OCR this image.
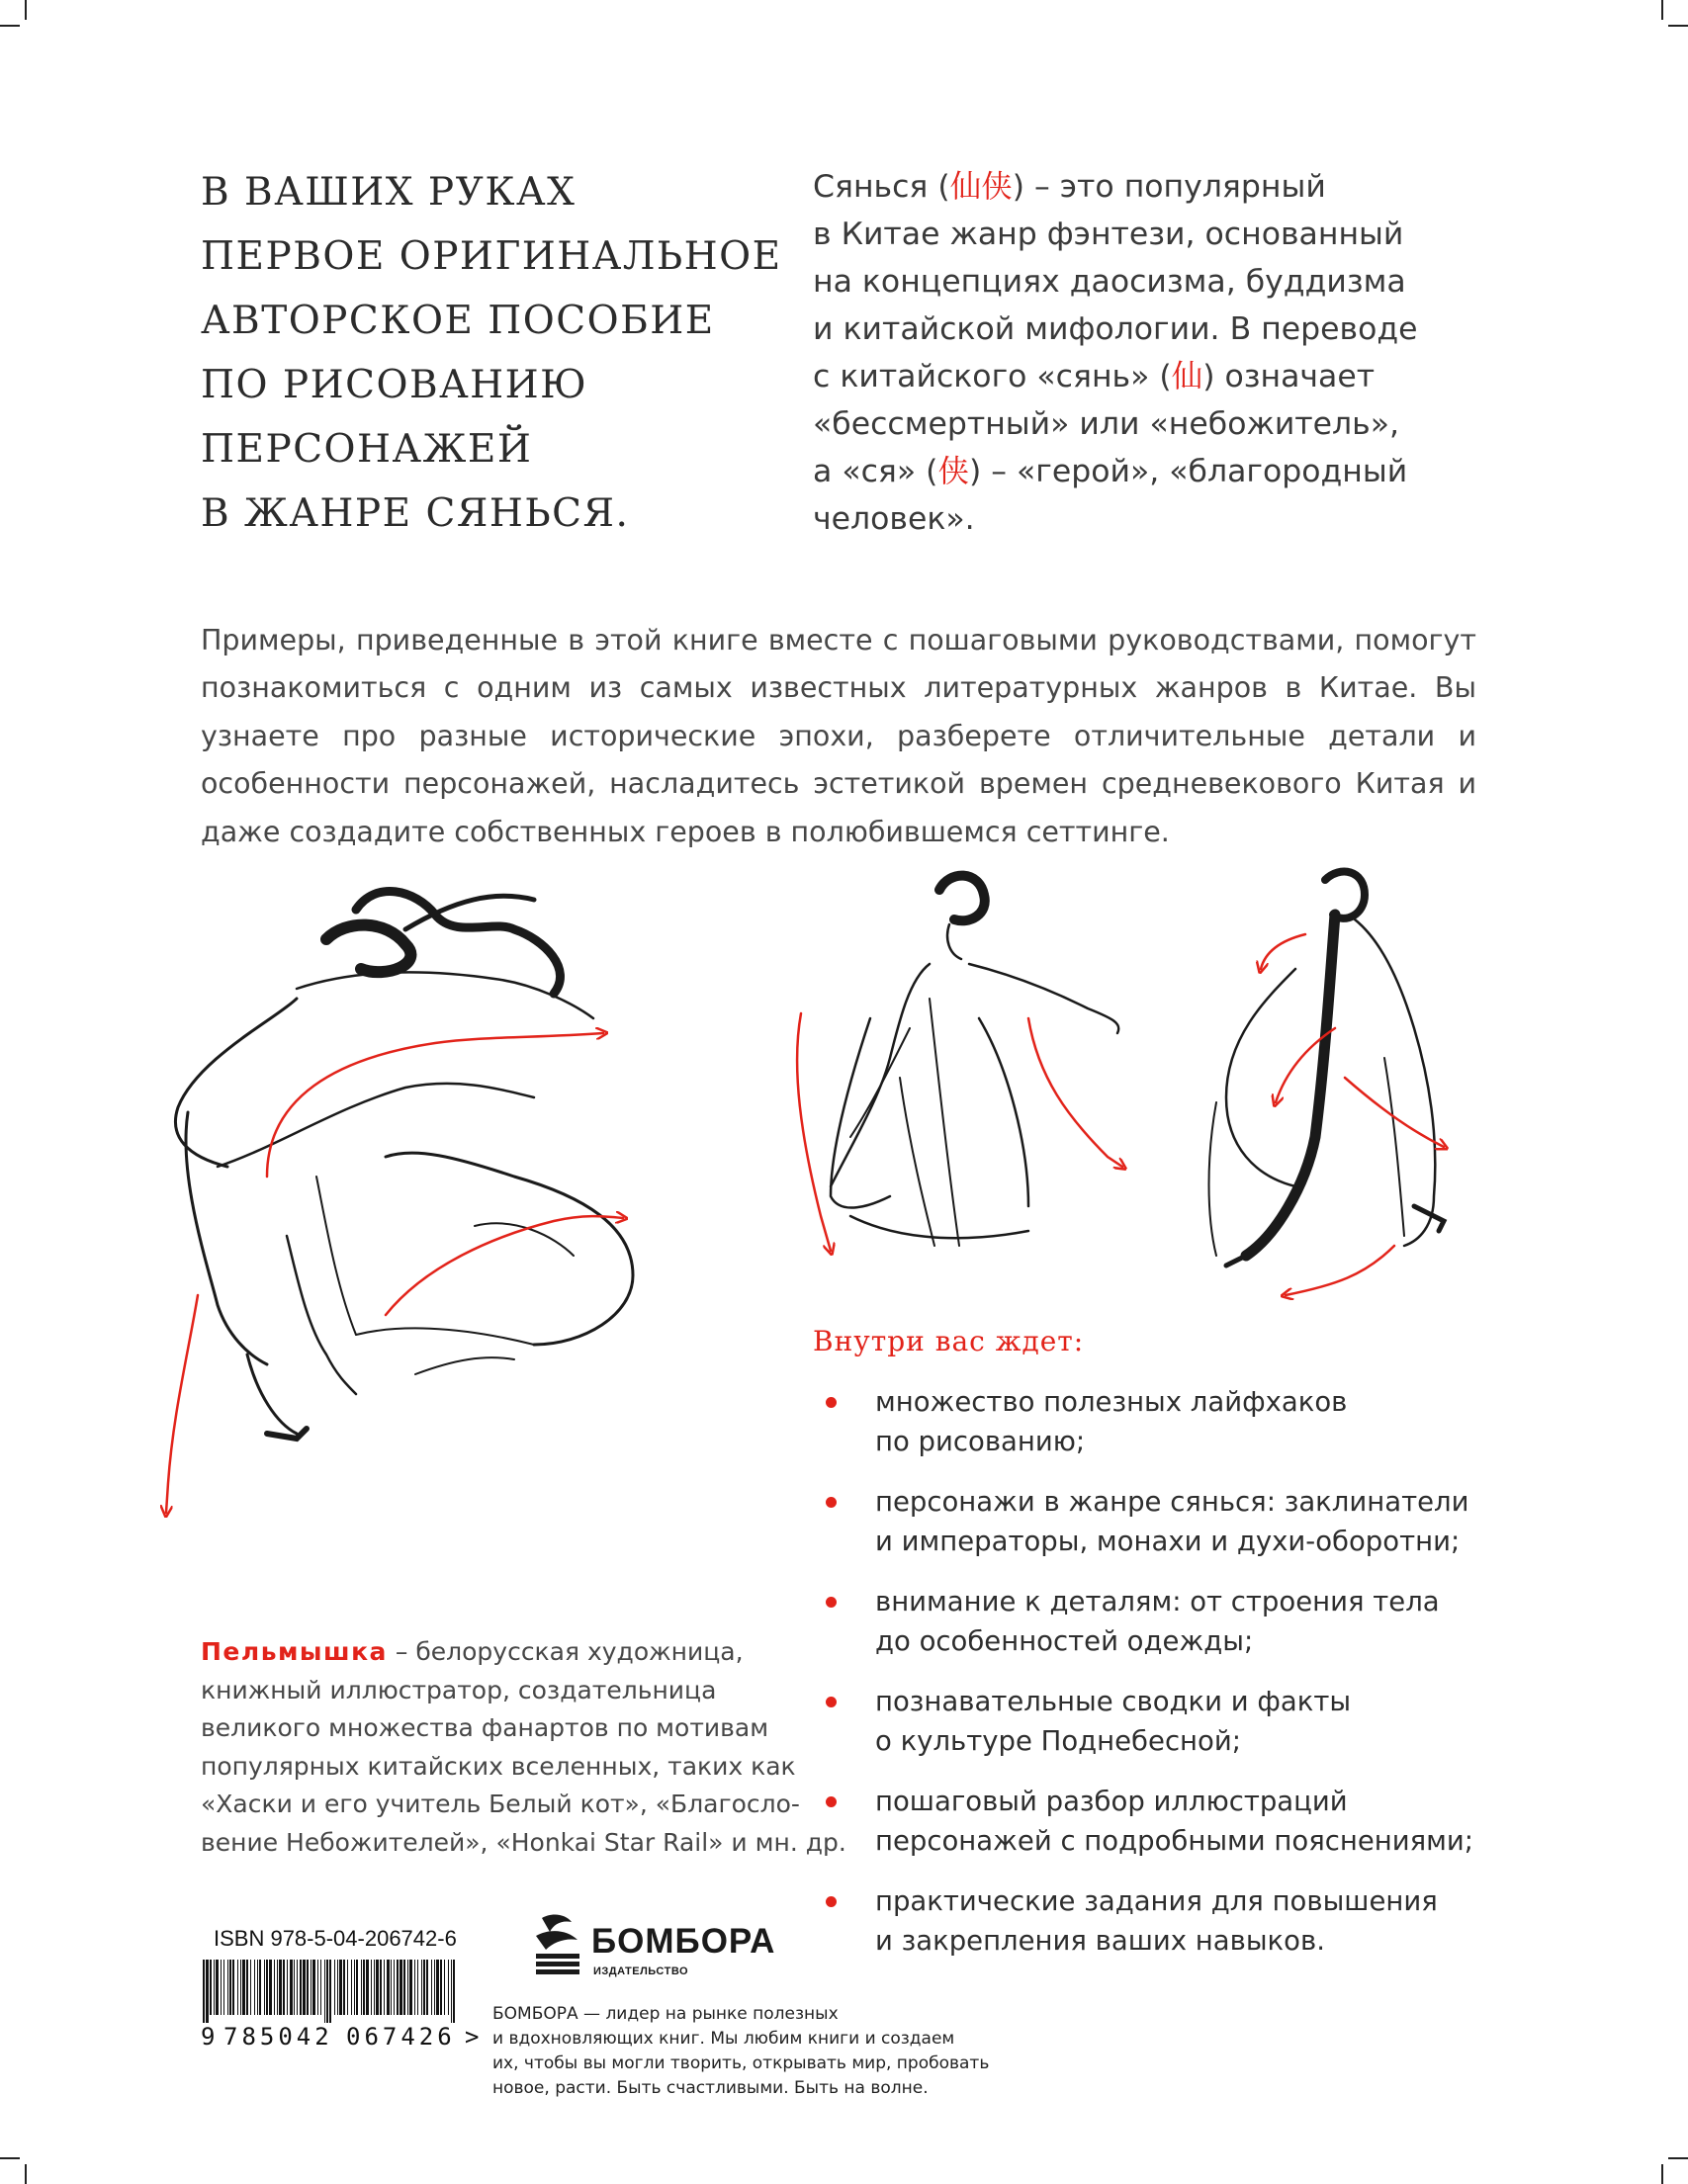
В ВАШИХ РУКАХ
ПЕРВОЕ ОРИГИНАЛЬНОЕ
АВТОРСКОЕ ПОСОБИЕ
ПО РИСОВАНИЮ
ПЕРСОНАЖЕЙ
В ЖАНРЕ СЯНЬСЯ.

Сянься (仙侠) – это популярный
в Китае жанр фэнтези, основанный
на концепциях даосизма, буддизма
и китайской мифологии. В переводе
с китайского «сянь» (仙) означает
«бессмертный» или «небожитель»,
а «ся» (侠) – «герой», «благородный
человек».

Примеры, приведенные в этой книге вместе с пошаговыми руководствами, помогут познакомиться с одним из самых известных литературных жанров в Китае. Вы узнаете про разные исторические эпохи, разберете отличительные детали и особенности персонажей, насладитесь эстетикой времен средневекового Китая и даже создадите собственных героев в полюбившемся сеттинге.

Внутри вас ждет:
множество полезных лайфхаков
по рисованию;
персонажи в жанре сянься: заклинатели
и императоры, монахи и духи-оборотни;
внимание к деталям: от строения тела
до особенностей одежды;
познавательные сводки и факты
о культуре Поднебесной;
пошаговый разбор иллюстраций
персонажей с подробными пояснениями;
практические задания для повышения
и закрепления ваших навыков.

Пельмышка – белорусская художница,
книжный иллюстратор, создательница
великого множества фанартов по мотивам
популярных китайских вселенных, таких как
«Хаски и его учитель Белый кот», «Благосло-
вение Небожителей», «Honkai Star Rail» и мн. др.

ISBN 978-5-04-206742-6

9 785042 067426 >

БОМБОРА

ИЗДАТЕЛЬСТВО

БОМБОРА — лидер на рынке полезных
и вдохновляющих книг. Мы любим книги и создаем
их, чтобы вы могли творить, открывать мир, пробовать
новое, расти. Быть счастливыми. Быть на волне.
